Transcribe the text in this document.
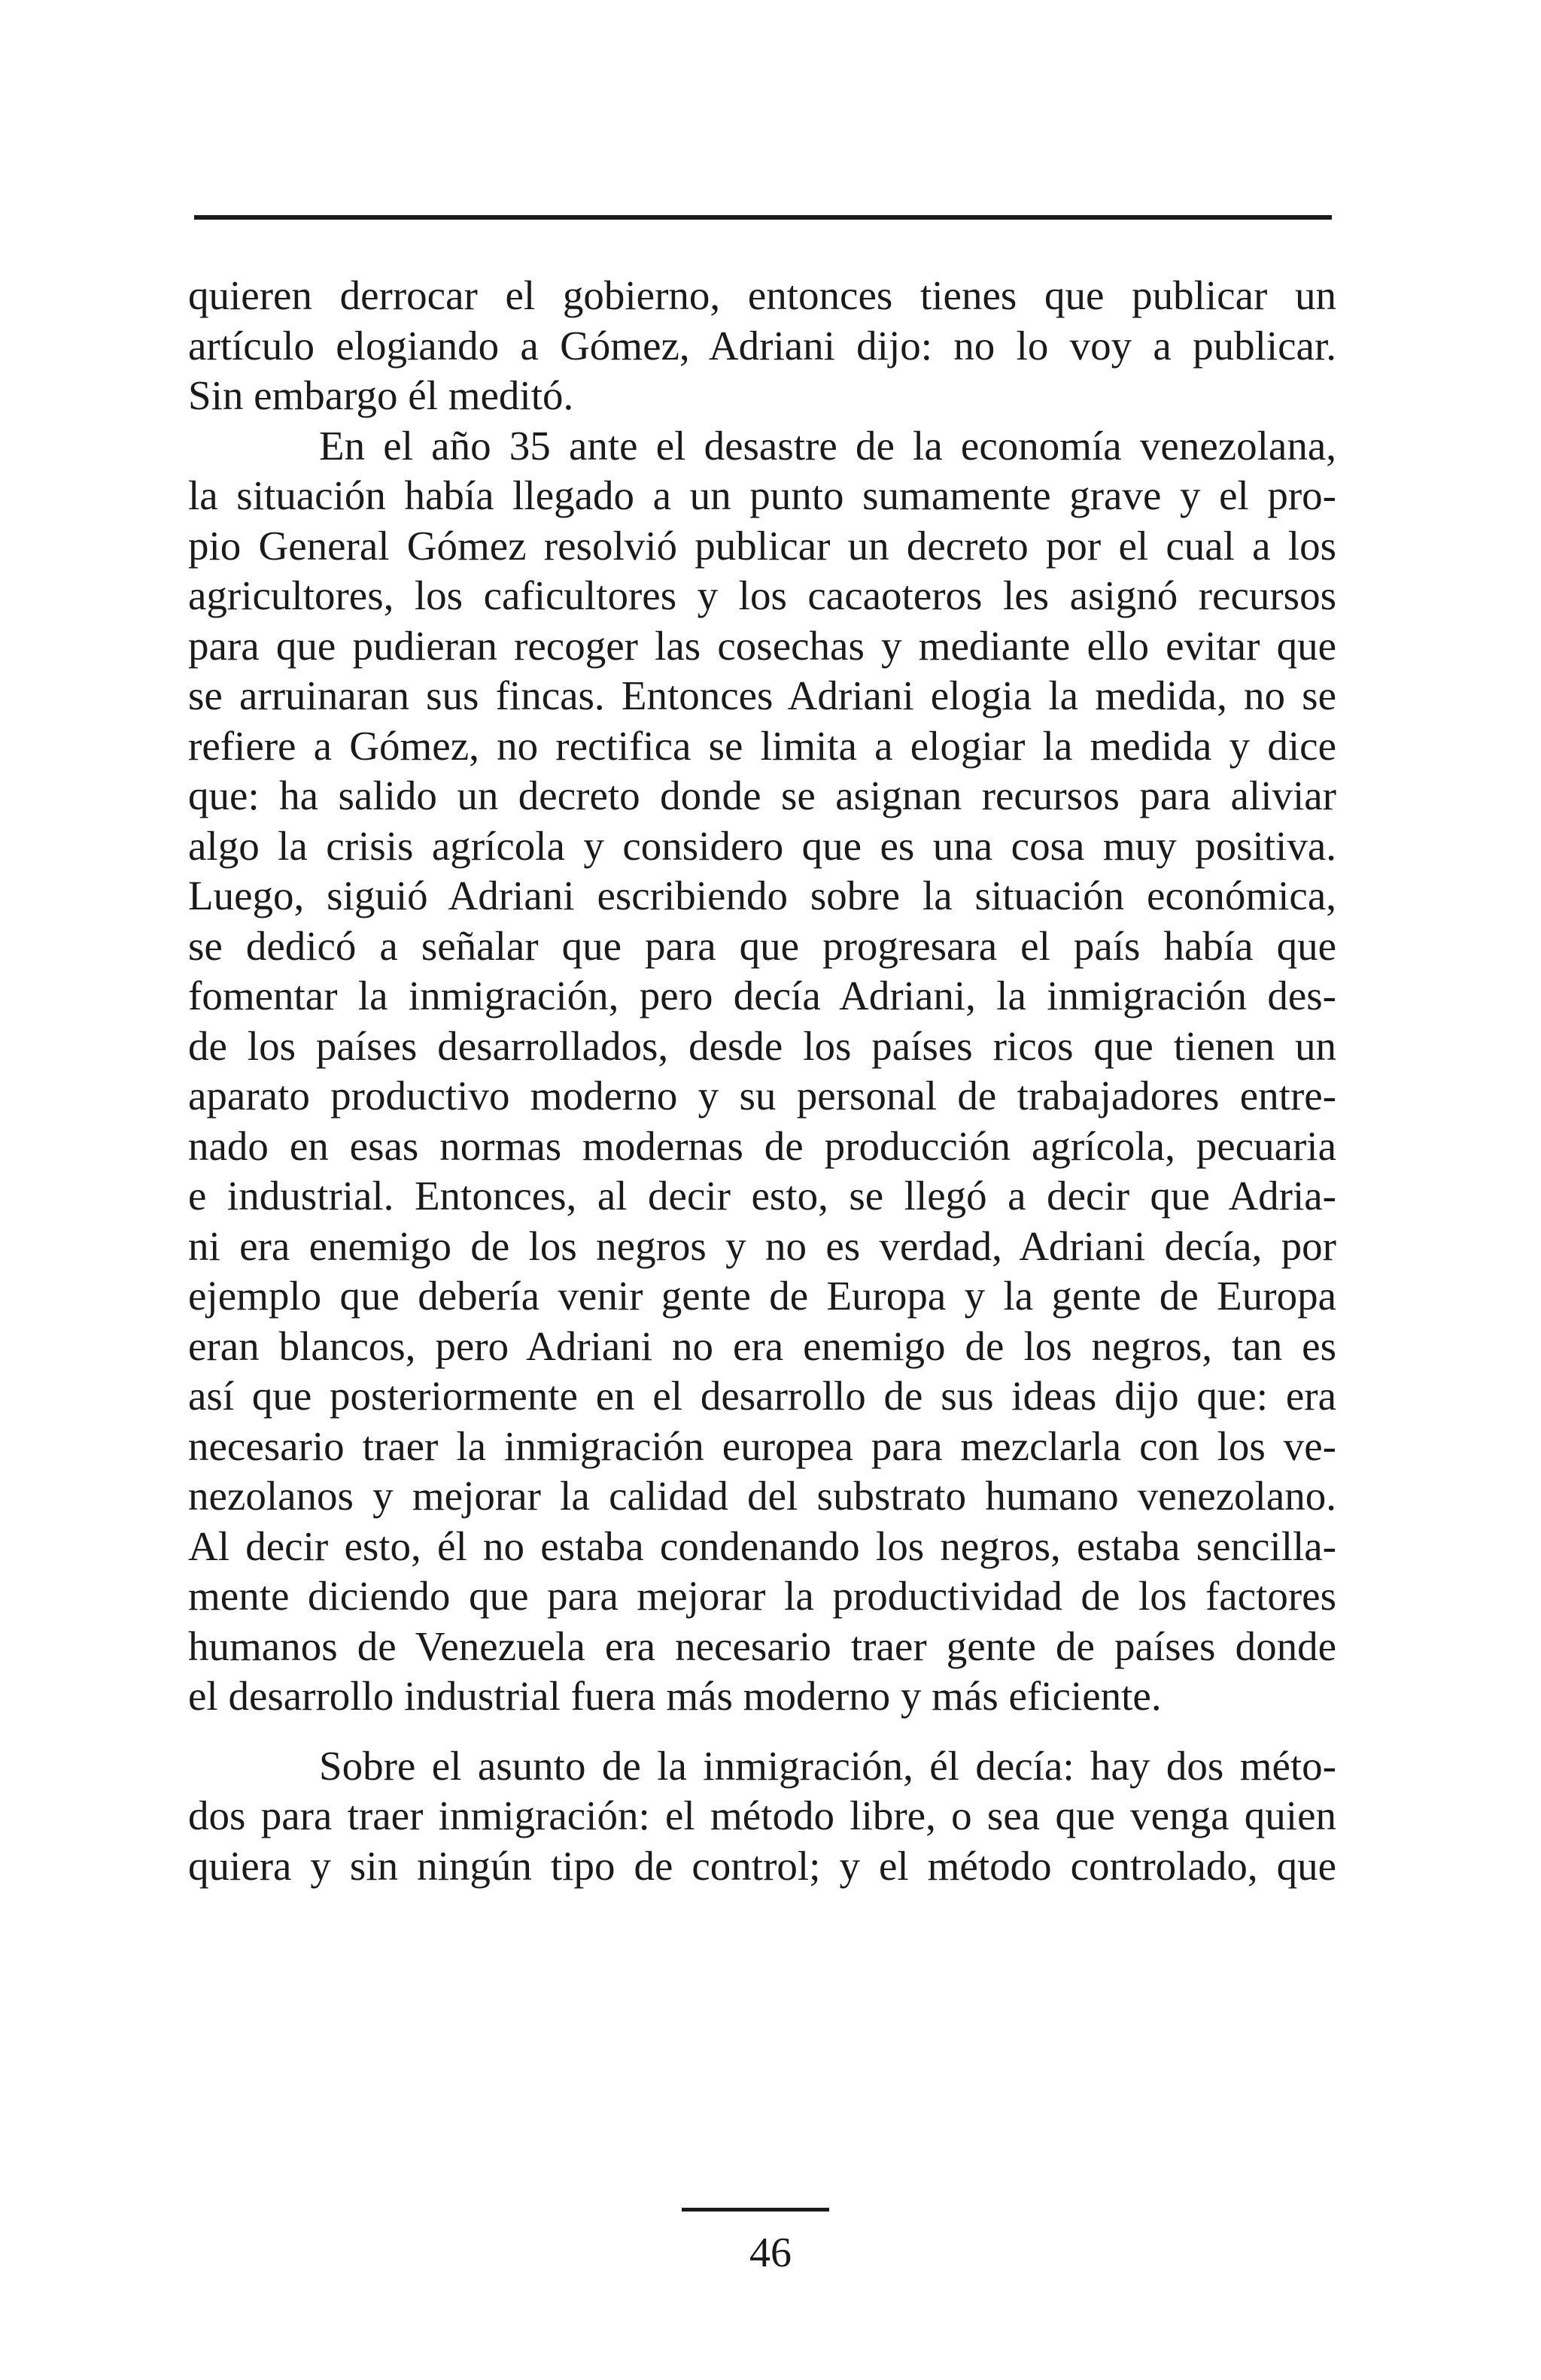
quieren derrocar el gobierno, entonces tienes que publicar un
artículo elogiando a Gómez, Adriani dijo: no lo voy a publicar.
Sin embargo él meditó.
En el año 35 ante el desastre de la economía venezolana,
la situación había llegado a un punto sumamente grave y el pro-
pio General Gómez resolvió publicar un decreto por el cual a los
agricultores, los caficultores y los cacaoteros les asignó recursos
para que pudieran recoger las cosechas y mediante ello evitar que
se arruinaran sus fincas. Entonces Adriani elogia la medida, no se
refiere a Gómez, no rectifica se limita a elogiar la medida y dice
que: ha salido un decreto donde se asignan recursos para aliviar
algo la crisis agrícola y considero que es una cosa muy positiva.
Luego, siguió Adriani escribiendo sobre la situación económica,
se dedicó a señalar que para que progresara el país había que
fomentar la inmigración, pero decía Adriani, la inmigración des-
de los países desarrollados, desde los países ricos que tienen un
aparato productivo moderno y su personal de trabajadores entre-
nado en esas normas modernas de producción agrícola, pecuaria
e industrial. Entonces, al decir esto, se llegó a decir que Adria-
ni era enemigo de los negros y no es verdad, Adriani decía, por
ejemplo que debería venir gente de Europa y la gente de Europa
eran blancos, pero Adriani no era enemigo de los negros, tan es
así que posteriormente en el desarrollo de sus ideas dijo que: era
necesario traer la inmigración europea para mezclarla con los ve-
nezolanos y mejorar la calidad del substrato humano venezolano.
Al decir esto, él no estaba condenando los negros, estaba sencilla-
mente diciendo que para mejorar la productividad de los factores
humanos de Venezuela era necesario traer gente de países donde
el desarrollo industrial fuera más moderno y más eficiente.
Sobre el asunto de la inmigración, él decía: hay dos méto-
dos para traer inmigración: el método libre, o sea que venga quien
quiera y sin ningún tipo de control; y el método controlado, que
46
